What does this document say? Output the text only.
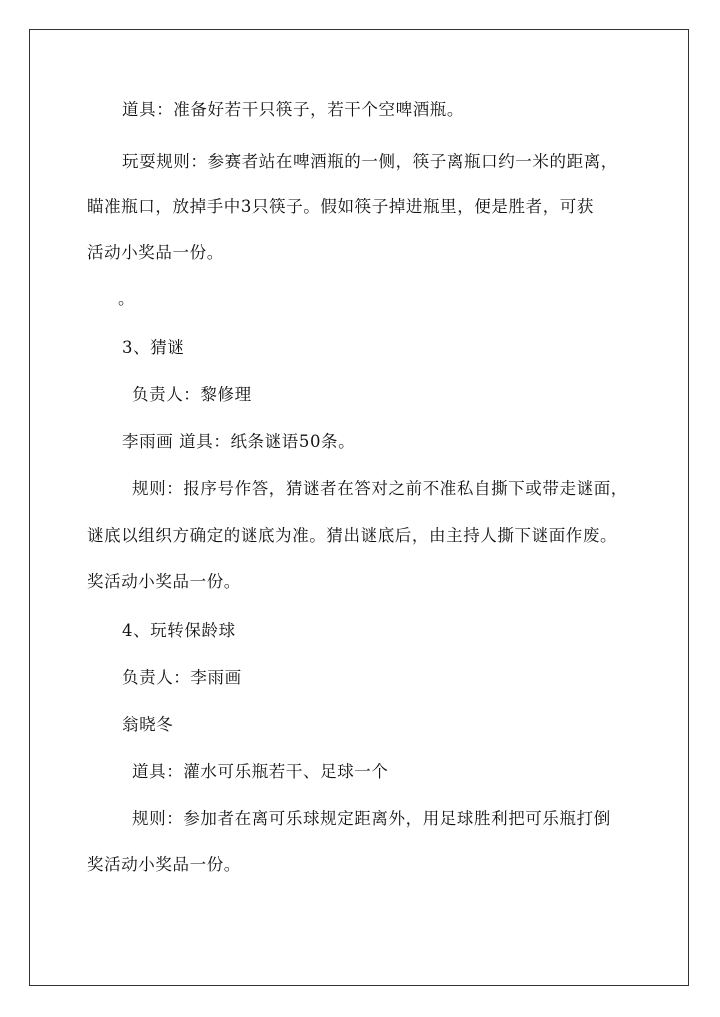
道具：准备好若干只筷子，若干个空啤酒瓶。
玩耍规则：参赛者站在啤酒瓶的一侧，筷子离瓶口约一米的距离，
瞄准瓶口，放掉手中3只筷子。假如筷子掉进瓶里，便是胜者，可获
活动小奖品一份。
。
3、猜谜
负责人：黎修理
李雨画 道具：纸条谜语50条。
规则：报序号作答，猜谜者在答对之前不准私自撕下或带走谜面，
谜底以组织方确定的谜底为准。猜出谜底后，由主持人撕下谜面作废。
奖活动小奖品一份。
4、玩转保龄球
负责人：李雨画
翁晓冬
道具：灌水可乐瓶若干、足球一个
规则：参加者在离可乐球规定距离外，用足球胜利把可乐瓶打倒
奖活动小奖品一份。
